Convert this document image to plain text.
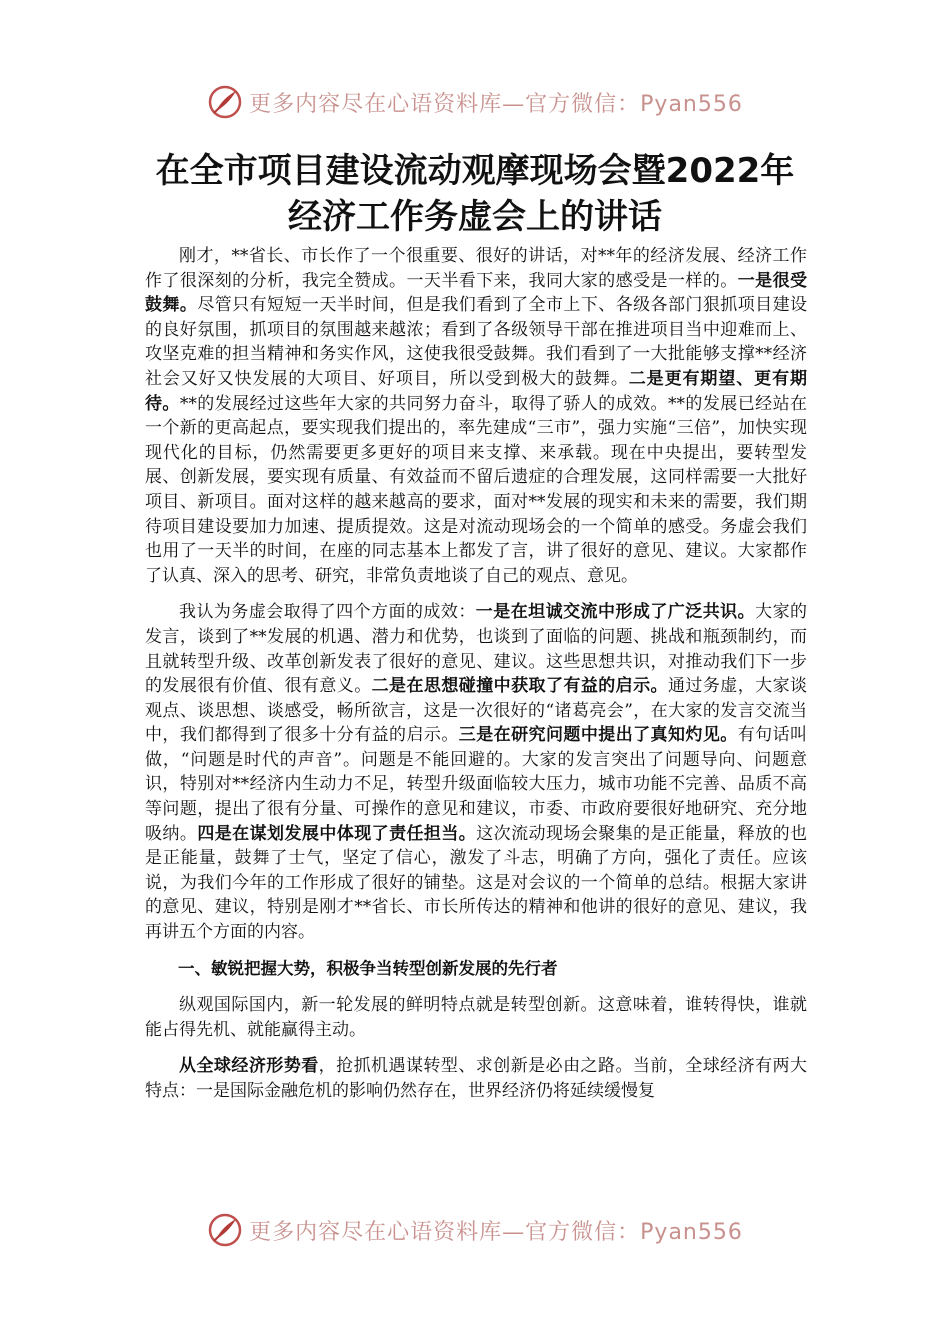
更多内容尽在心语资料库—官方微信：Pyan556
在全市项目建设流动观摩现场会暨2022年
经济工作务虚会上的讲话

刚才，**省长、市长作了一个很重要、很好的讲话，对**年的经济发展、经济工作作了很深刻的分析，我完全赞成。一天半看下来，我同大家的感受是一样的。一是很受鼓舞。尽管只有短短一天半时间，但是我们看到了全市上下、各级各部门狠抓项目建设的良好氛围，抓项目的氛围越来越浓；看到了各级领导干部在推进项目当中迎难而上、攻坚克难的担当精神和务实作风，这使我很受鼓舞。我们看到了一大批能够支撑**经济社会又好又快发展的大项目、好项目，所以受到极大的鼓舞。二是更有期望、更有期待。**的发展经过这些年大家的共同努力奋斗，取得了骄人的成效。**的发展已经站在一个新的更高起点，要实现我们提出的，率先建成“三市”，强力实施“三倍”，加快实现现代化的目标，仍然需要更多更好的项目来支撑、来承载。现在中央提出，要转型发展、创新发展，要实现有质量、有效益而不留后遗症的合理发展，这同样需要一大批好项目、新项目。面对这样的越来越高的要求，面对**发展的现实和未来的需要，我们期待项目建设要加力加速、提质提效。这是对流动现场会的一个简单的感受。务虚会我们也用了一天半的时间，在座的同志基本上都发了言，讲了很好的意见、建议。大家都作了认真、深入的思考、研究，非常负责地谈了自己的观点、意见。

我认为务虚会取得了四个方面的成效：一是在坦诚交流中形成了广泛共识。大家的发言，谈到了**发展的机遇、潜力和优势，也谈到了面临的问题、挑战和瓶颈制约，而且就转型升级、改革创新发表了很好的意见、建议。这些思想共识，对推动我们下一步的发展很有价值、很有意义。二是在思想碰撞中获取了有益的启示。通过务虚，大家谈观点、谈思想、谈感受，畅所欲言，这是一次很好的“诸葛亮会”，在大家的发言交流当中，我们都得到了很多十分有益的启示。三是在研究问题中提出了真知灼见。有句话叫做，“问题是时代的声音”。问题是不能回避的。大家的发言突出了问题导向、问题意识，特别对**经济内生动力不足，转型升级面临较大压力，城市功能不完善、品质不高等问题，提出了很有分量、可操作的意见和建议，市委、市政府要很好地研究、充分地吸纳。四是在谋划发展中体现了责任担当。这次流动现场会聚集的是正能量，释放的也是正能量，鼓舞了士气，坚定了信心，激发了斗志，明确了方向，强化了责任。应该说，为我们今年的工作形成了很好的铺垫。这是对会议的一个简单的总结。根据大家讲的意见、建议，特别是刚才**省长、市长所传达的精神和他讲的很好的意见、建议，我再讲五个方面的内容。

一、敏锐把握大势，积极争当转型创新发展的先行者

纵观国际国内，新一轮发展的鲜明特点就是转型创新。这意味着，谁转得快，谁就能占得先机、就能赢得主动。

从全球经济形势看，抢抓机遇谋转型、求创新是必由之路。当前，全球经济有两大特点：一是国际金融危机的影响仍然存在，世界经济仍将延续缓慢复

更多内容尽在心语资料库—官方微信：Pyan556
